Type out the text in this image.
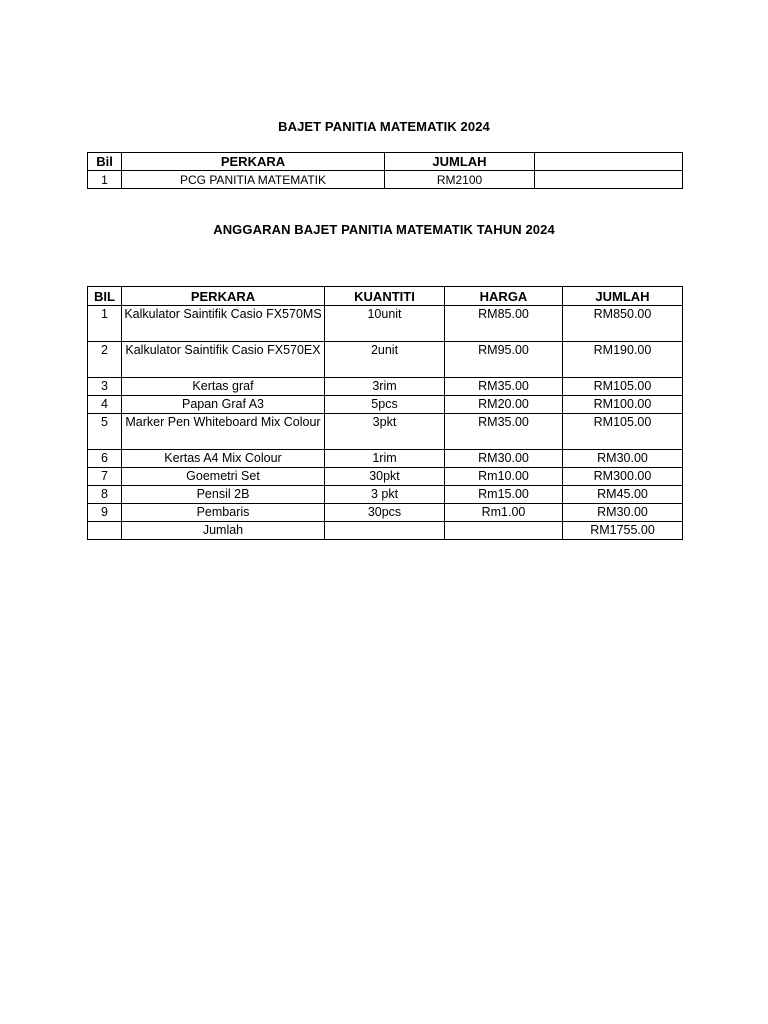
BAJET PANITIA MATEMATIK 2024
Bil	PERKARA	JUMLAH	
1	PCG PANITIA MATEMATIK	RM2100	
ANGGARAN BAJET PANITIA MATEMATIK TAHUN 2024
BIL	PERKARA	KUANTITI	HARGA	JUMLAH
1	Kalkulator Saintifik Casio FX570MS	10unit	RM85.00	RM850.00
2	Kalkulator Saintifik Casio FX570EX	2unit	RM95.00	RM190.00
3	Kertas graf	3rim	RM35.00	RM105.00
4	Papan Graf A3	5pcs	RM20.00	RM100.00
5	Marker Pen Whiteboard Mix Colour	3pkt	RM35.00	RM105.00
6	Kertas A4 Mix Colour	1rim	RM30.00	RM30.00
7	Goemetri Set	30pkt	Rm10.00	RM300.00
8	Pensil 2B	3 pkt	Rm15.00	RM45.00
9	Pembaris	30pcs	Rm1.00	RM30.00
	Jumlah			RM1755.00
